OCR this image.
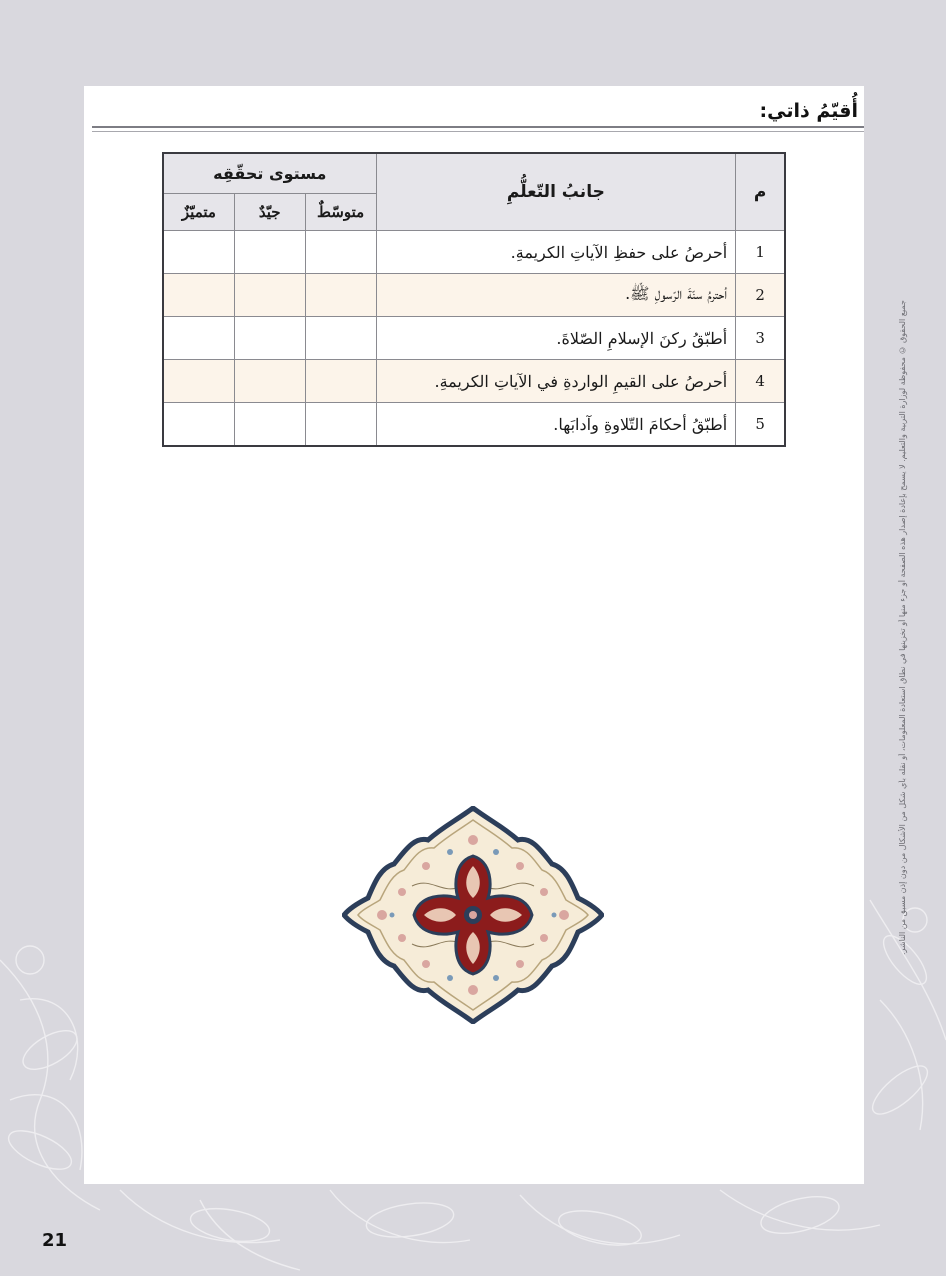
أُقيّمُ ذاتي:
م	جانبُ التّعلُّمِ	مستوى تحقّقِه		
		متوسّطٌ	جيّدٌ	متميّزٌ
1	أحرصُ على حفظِ الآياتِ الكريمةِ.			
2	أحترمُ سنّةَ الرّسولِ ﷺ.			
3	أطبّقُ ركنَ الإسلامِ الصّلاةَ.			
4	أحرصُ على القيمِ الواردةِ في الآياتِ الكريمةِ.			
5	أطبّقُ أحكامَ التّلاوةِ وآدابَها.				جميع الحقوق © محفوظة لوزارة التربية والتعليم. لا يسمح بإعادة إصدار هذه الصفحة أو جزء منها أو تخزينها في نطاق استعادة المعلومات، أو نقله بأي شكل من الأشكال من دون إذن مسبق من الناشر.
21
